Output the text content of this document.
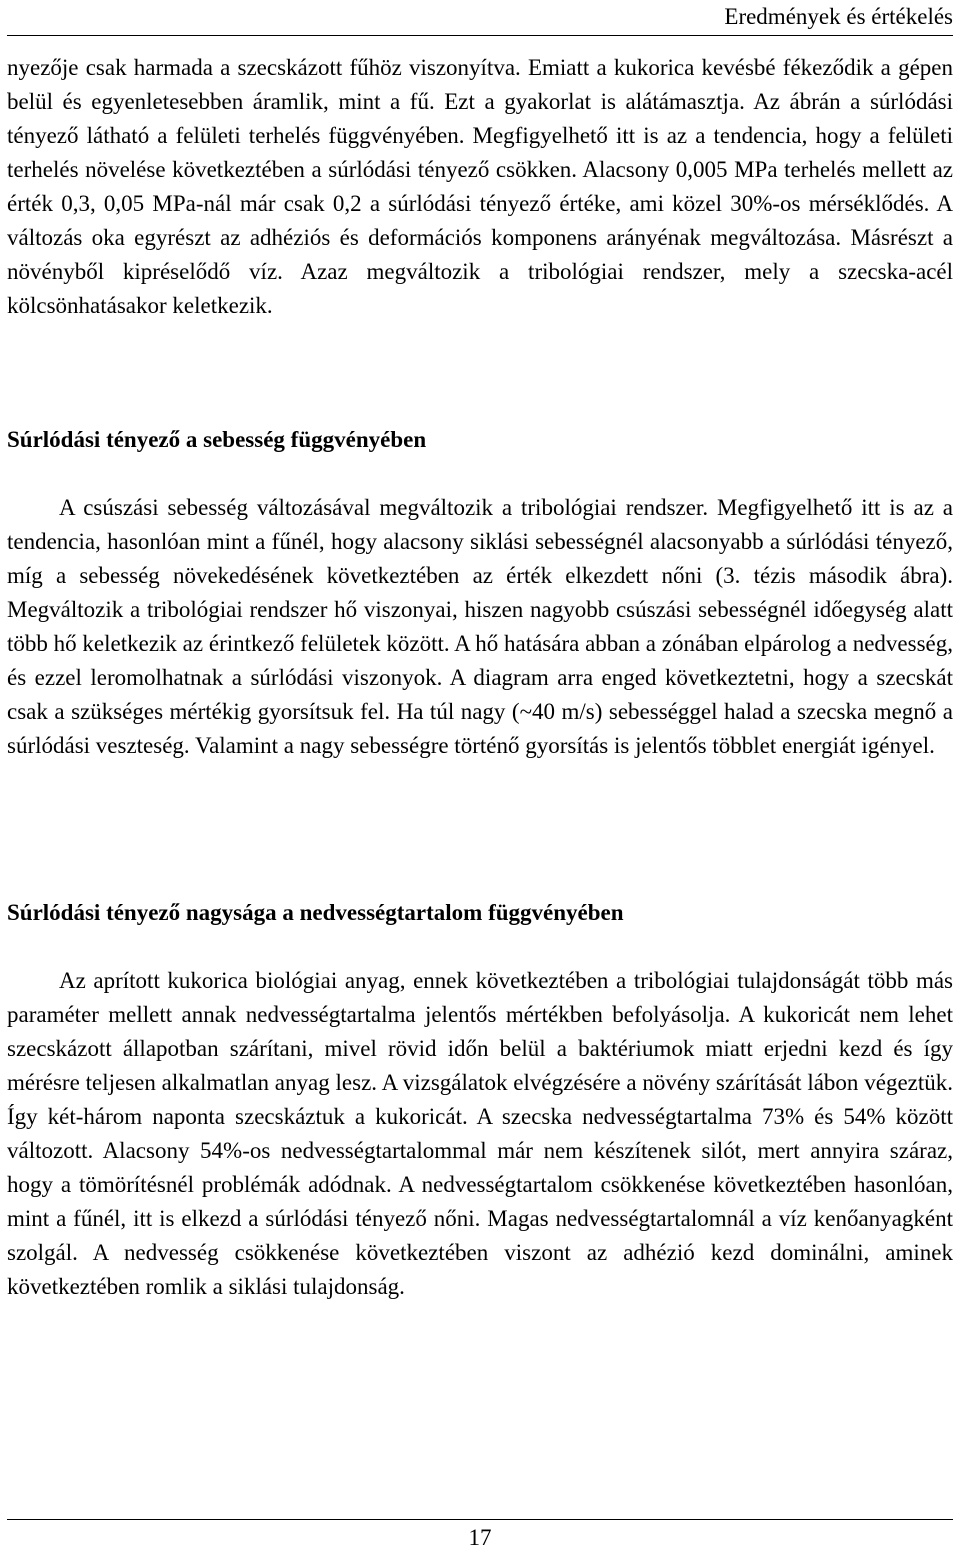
Eredmények és értékelés

nyezője csak harmada a szecskázott fűhöz viszonyítva. Emiatt a kukorica kevésbé fékeződik a gépen belül és egyenletesebben áramlik, mint a fű. Ezt a gyakorlat is alátámasztja. Az ábrán a súrlódási tényező látható a felületi terhelés függvényében. Megfigyelhető itt is az a tendencia, hogy a felületi terhelés növelése következtében a súrlódási tényező csökken. Alacsony 0,005 MPa terhelés mellett az érték 0,3, 0,05 MPa-nál már csak 0,2 a súrlódási tényező értéke, ami közel 30%-os mérséklődés. A változás oka egyrészt az adhéziós és deformációs komponens arányénak megváltozása. Másrészt a növényből kipréselődő víz. Azaz megváltozik a tribológiai rendszer, mely a szecska-acél kölcsönhatásakor keletkezik.

Súrlódási tényező a sebesség függvényében

A csúszási sebesség változásával megváltozik a tribológiai rendszer. Megfigyelhető itt is az a tendencia, hasonlóan mint a fűnél, hogy alacsony siklási sebességnél alacsonyabb a súrlódási tényező, míg a sebesség növekedésének következtében az érték elkezdett nőni (3. tézis második ábra). Megváltozik a tribológiai rendszer hő viszonyai, hiszen nagyobb csúszási sebességnél időegység alatt több hő keletkezik az érintkező felületek között. A hő hatására abban a zónában elpárolog a nedvesség, és ezzel leromolhatnak a súrlódási viszonyok. A diagram arra enged következtetni, hogy a szecskát csak a szükséges mértékig gyorsítsuk fel. Ha túl nagy (~40 m/s) sebességgel halad a szecska megnő a súrlódási veszteség. Valamint a nagy sebességre történő gyorsítás is jelentős többlet energiát igényel.

Súrlódási tényező nagysága a nedvességtartalom függvényében

Az aprított kukorica biológiai anyag, ennek következtében a tribológiai tulajdonságát több más paraméter mellett annak nedvességtartalma jelentős mértékben befolyásolja. A kukoricát nem lehet szecskázott állapotban szárítani, mivel rövid időn belül a baktériumok miatt erjedni kezd és így mérésre teljesen alkalmatlan anyag lesz. A vizsgálatok elvégzésére a növény szárítását lábon végeztük. Így két-három naponta szecskáztuk a kukoricát. A szecska nedvességtartalma 73% és 54% között változott. Alacsony 54%-os nedvességtartalommal már nem készítenek silót, mert annyira száraz, hogy a tömörítésnél problémák adódnak. A nedvességtartalom csökkenése következtében hasonlóan, mint a fűnél, itt is elkezd a súrlódási tényező nőni. Magas nedvességtartalomnál a víz kenőanyagként szolgál. A nedvesség csökkenése következtében viszont az adhézió kezd dominálni, aminek következtében romlik a siklási tulajdonság.

17
